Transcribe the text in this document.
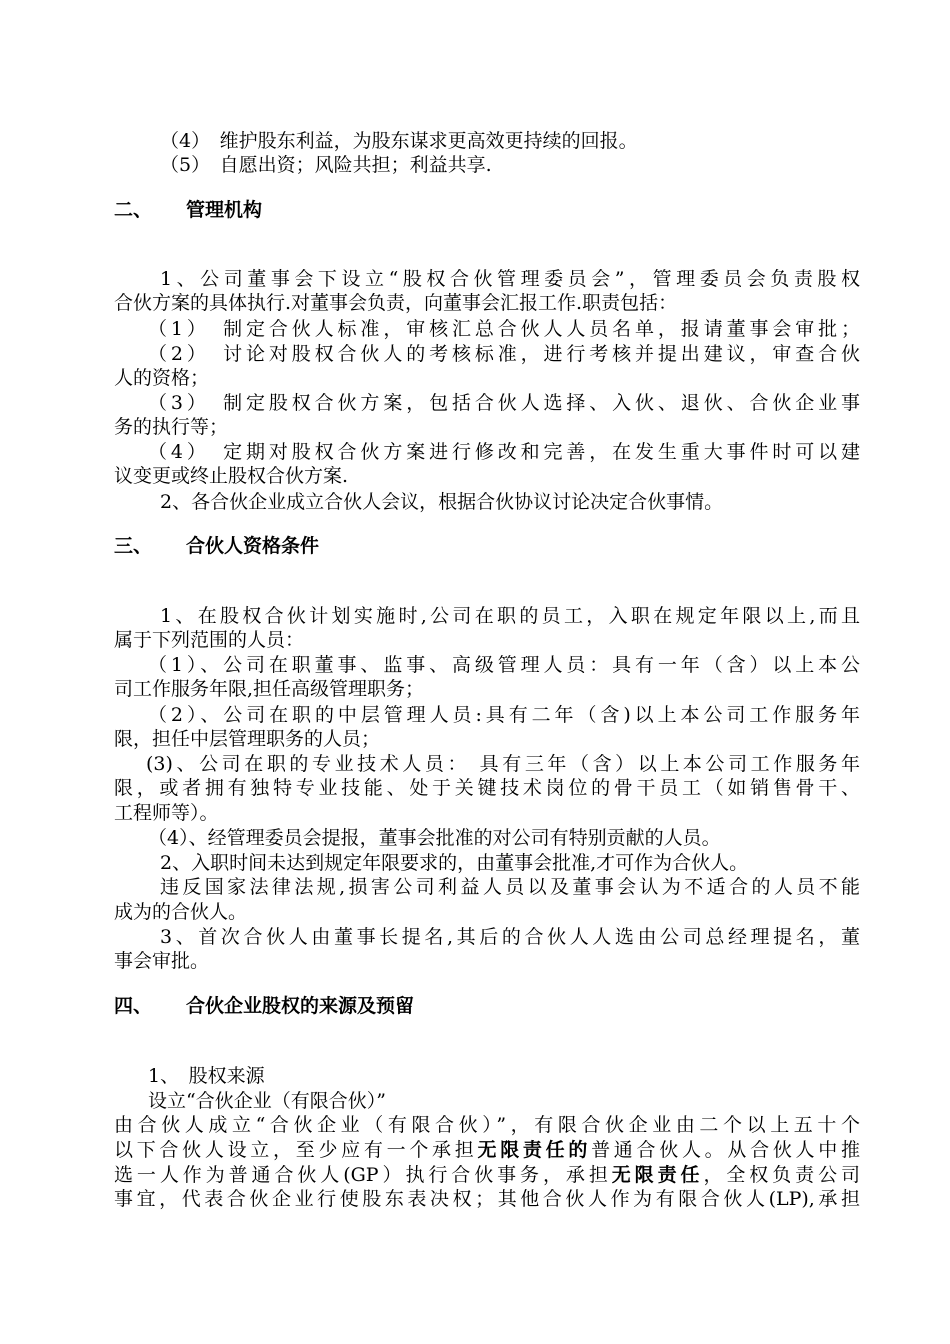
（4）　维护股东利益，为股东谋求更高效更持续的回报。
（5）　自愿出资；风险共担；利益共享.
二、 管理机构
1、公司董事会下设立“股权合伙管理委员会”，管理委员会负责股权
合伙方案的具体执行.对董事会负责，向董事会汇报工作.职责包括：
（1）　制定合伙人标准，审核汇总合伙人人员名单，报请董事会审批；
（2）　讨论对股权合伙人的考核标准，进行考核并提出建议，审查合伙
人的资格；
（3）　制定股权合伙方案，包括合伙人选择、入伙、退伙、合伙企业事
务的执行等；
（4）　定期对股权合伙方案进行修改和完善，在发生重大事件时可以建
议变更或终止股权合伙方案.
2、各合伙企业成立合伙人会议，根据合伙协议讨论决定合伙事情。
三、 合伙人资格条件
1、在股权合伙计划实施时,公司在职的员工，入职在规定年限以上,而且
属于下列范围的人员：
（1）、公司在职董事、监事、高级管理人员：具有一年（含）以上本公
司工作服务年限,担任高级管理职务；
（2）、公司在职的中层管理人员:具有二年（含)以上本公司工作服务年
限，担任中层管理职务的人员；
(3)、公司在职的专业技术人员： 具有三年（含）以上本公司工作服务年
限，或者拥有独特专业技能、处于关键技术岗位的骨干员工（如销售骨干、
工程师等）。
（4）、经管理委员会提报，董事会批准的对公司有特别贡献的人员。
2、入职时间未达到规定年限要求的，由董事会批准,才可作为合伙人。
违反国家法律法规,损害公司利益人员以及董事会认为不适合的人员不能
成为的合伙人。
3、首次合伙人由董事长提名,其后的合伙人人选由公司总经理提名，董
事会审批。
四、 合伙企业股权的来源及预留
1、　股权来源
设立“合伙企业（有限合伙）”
由合伙人成立“合伙企业（有限合伙）”，有限合伙企业由二个以上五十个
以下合伙人设立，至少应有一个承担无限责任的普通合伙人。从合伙人中推
选一人作为普通合伙人(GP）执行合伙事务，承担无限责任，全权负责公司
事宜，代表合伙企业行使股东表决权；其他合伙人作为有限合伙人(LP),承担
